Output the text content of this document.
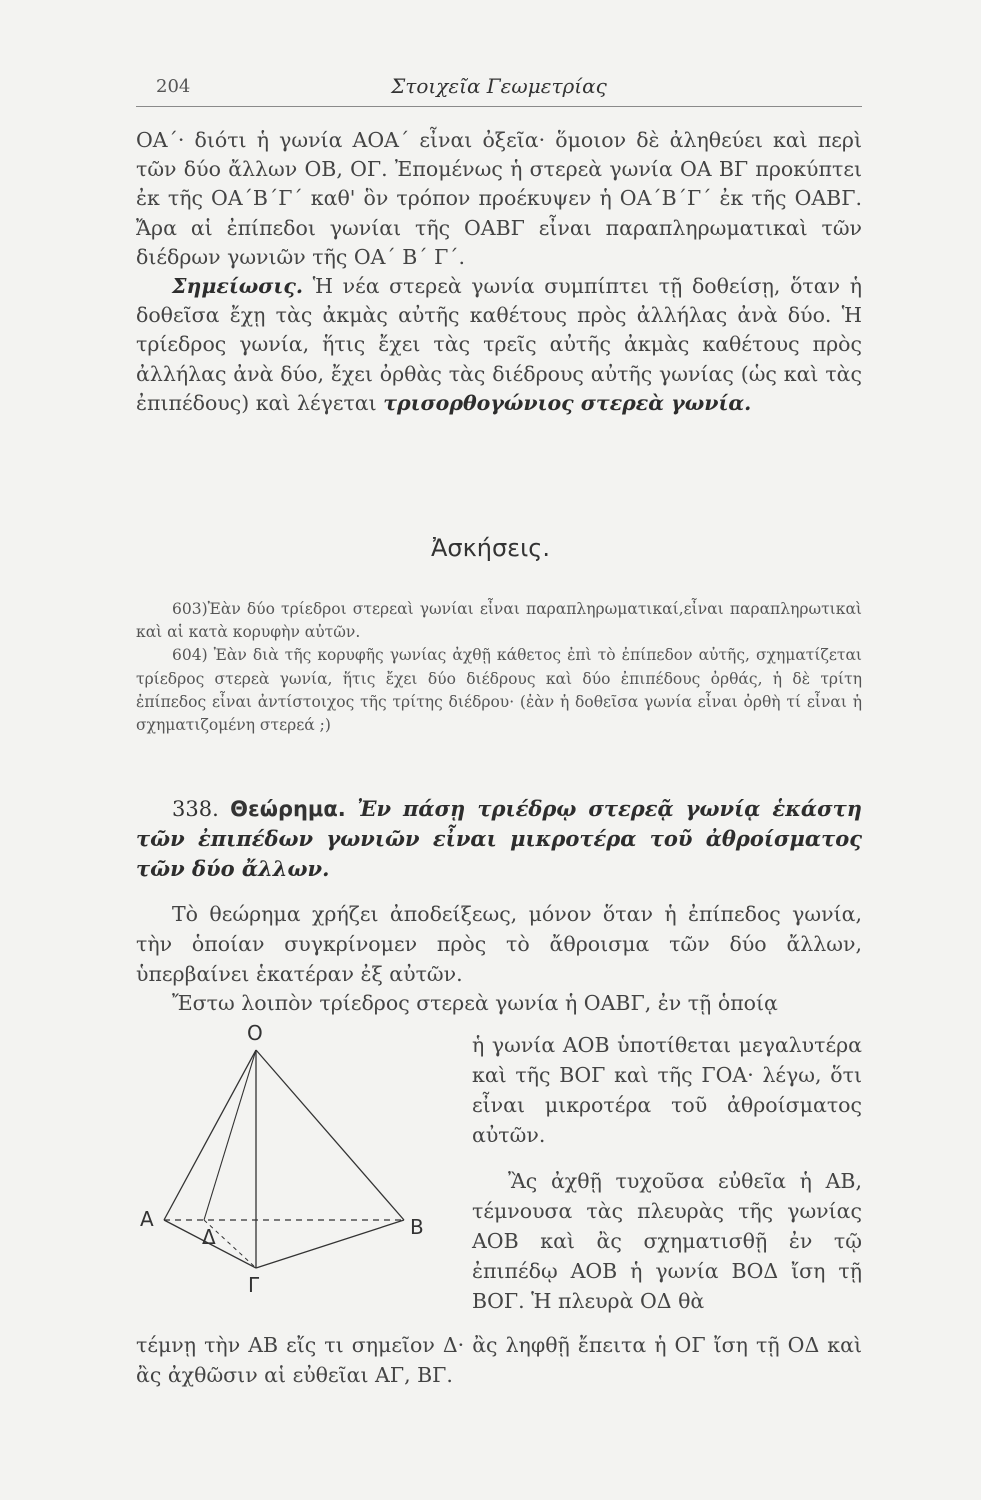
204	Στοιχεῖα Γεωμετρίας

ΟΑ΄· διότι ἡ γωνία ΑΟΑ΄ εἶναι ὀξεῖα· ὅμοιον δὲ ἀληθεύει καὶ περὶ τῶν δύο ἄλλων ΟΒ, ΟΓ. Ἐπομένως ἡ στερεὰ γωνία ΟΑ ΒΓ προκύπτει ἐκ τῆς ΟΑ΄Β΄Γ΄ καθ' ὃν τρόπον προέκυψεν ἡ ΟΑ΄Β΄Γ΄ ἐκ τῆς ΟΑΒΓ. Ἄρα αἱ ἐπίπεδοι γωνίαι τῆς ΟΑΒΓ εἶναι παραπληρωματικαὶ τῶν διέδρων γωνιῶν τῆς ΟΑ΄ Β΄ Γ΄.

Σημείωσις. Ἡ νέα στερεὰ γωνία συμπίπτει τῇ δοθείσῃ, ὅταν ἡ δοθεῖσα ἔχῃ τὰς ἀκμὰς αὐτῆς καθέτους πρὸς ἀλλήλας ἀνὰ δύο. Ἡ τρίεδρος γωνία, ἥτις ἔχει τὰς τρεῖς αὐτῆς ἀκμὰς καθέτους πρὸς ἀλλήλας ἀνὰ δύο, ἔχει ὀρθὰς τὰς διέδρους αὐτῆς γωνίας (ὡς καὶ τὰς ἐπιπέδους) καὶ λέγεται τρισορθογώνιος στερεὰ γωνία.

Ἀσκήσεις.

603)Ἐὰν δύο τρίεδροι στερεαὶ γωνίαι εἶναι παραπληρωματικαί,εἶναι παραπληρωτικαὶ καὶ αἱ κατὰ κορυφὴν αὐτῶν.

604) Ἐὰν διὰ τῆς κορυφῆς γωνίας ἀχθῇ κάθετος ἐπὶ τὸ ἐπίπεδον αὐτῆς, σχηματίζεται τρίεδρος στερεὰ γωνία, ἥτις ἔχει δύο διέδρους καὶ δύο ἐπιπέδους ὀρθάς, ἡ δὲ τρίτη ἐπίπεδος εἶναι ἀντίστοιχος τῆς τρίτης διέδρου· (ἐὰν ἡ δοθεῖσα γωνία εἶναι ὀρθὴ τί εἶναι ἡ σχηματιζομένη στερεά ;)

338. Θεώρημα. Ἐν πάσῃ τριέδρῳ στερεᾷ γωνίᾳ ἑκάστη τῶν ἐπιπέδων γωνιῶν εἶναι μικροτέρα τοῦ ἀθροίσματος τῶν δύο ἄλλων.

Τὸ θεώρημα χρήζει ἀποδείξεως, μόνον ὅταν ἡ ἐπίπεδος γωνία, τὴν ὁποίαν συγκρίνομεν πρὸς τὸ ἄθροισμα τῶν δύο ἄλλων, ὑπερβαίνει ἑκατέραν ἐξ αὐτῶν.

Ἔστω λοιπὸν τρίεδρος στερεὰ γωνία ἡ ΟΑΒΓ, ἐν τῇ ὁποίᾳ

ἡ γωνία ΑΟΒ ὑποτίθεται μεγαλυτέρα καὶ τῆς ΒΟΓ καὶ τῆς ΓΟΑ· λέγω, ὅτι εἶναι μικροτέρα τοῦ ἀθροίσματος αὐτῶν.
Ἂς ἀχθῇ τυχοῦσα εὐθεῖα ἡ ΑΒ, τέμνουσα τὰς πλευρὰς τῆς γωνίας ΑΟΒ καὶ ἂς σχηματισθῇ ἐν τῷ ἐπιπέδῳ ΑΟΒ ἡ γωνία ΒΟΔ ἴση τῇ ΒΟΓ. Ἡ πλευρὰ ΟΔ θὰ
τέμνῃ τὴν ΑΒ εἴς τι σημεῖον Δ· ἂς ληφθῇ ἔπειτα ἡ ΟΓ ἴση τῇ ΟΔ καὶ ἂς ἀχθῶσιν αἱ εὐθεῖαι ΑΓ, ΒΓ.
O
A	B
Δ
Γ
